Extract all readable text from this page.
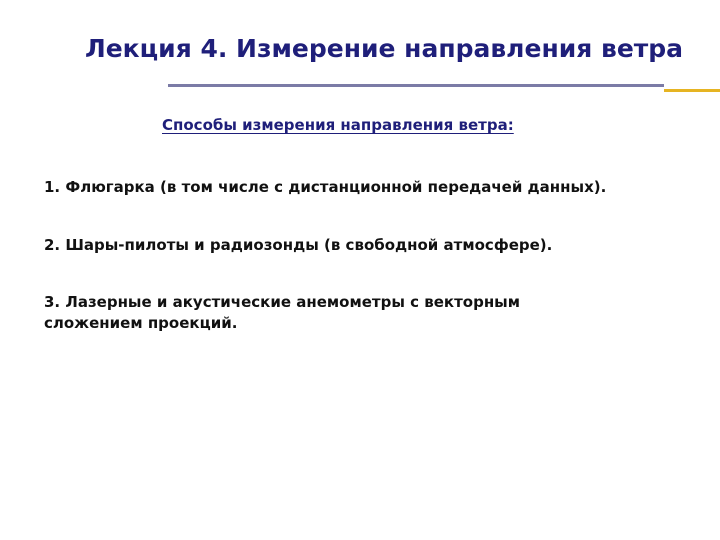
Лекция 4. Измерение направления ветра
Способы измерения направления ветра:
1. Флюгарка (в том числе с дистанционной передачей данных).
2. Шары-пилоты и радиозонды (в свободной атмосфере).
3. Лазерные и акустические анемометры с векторным
сложением проекций.
